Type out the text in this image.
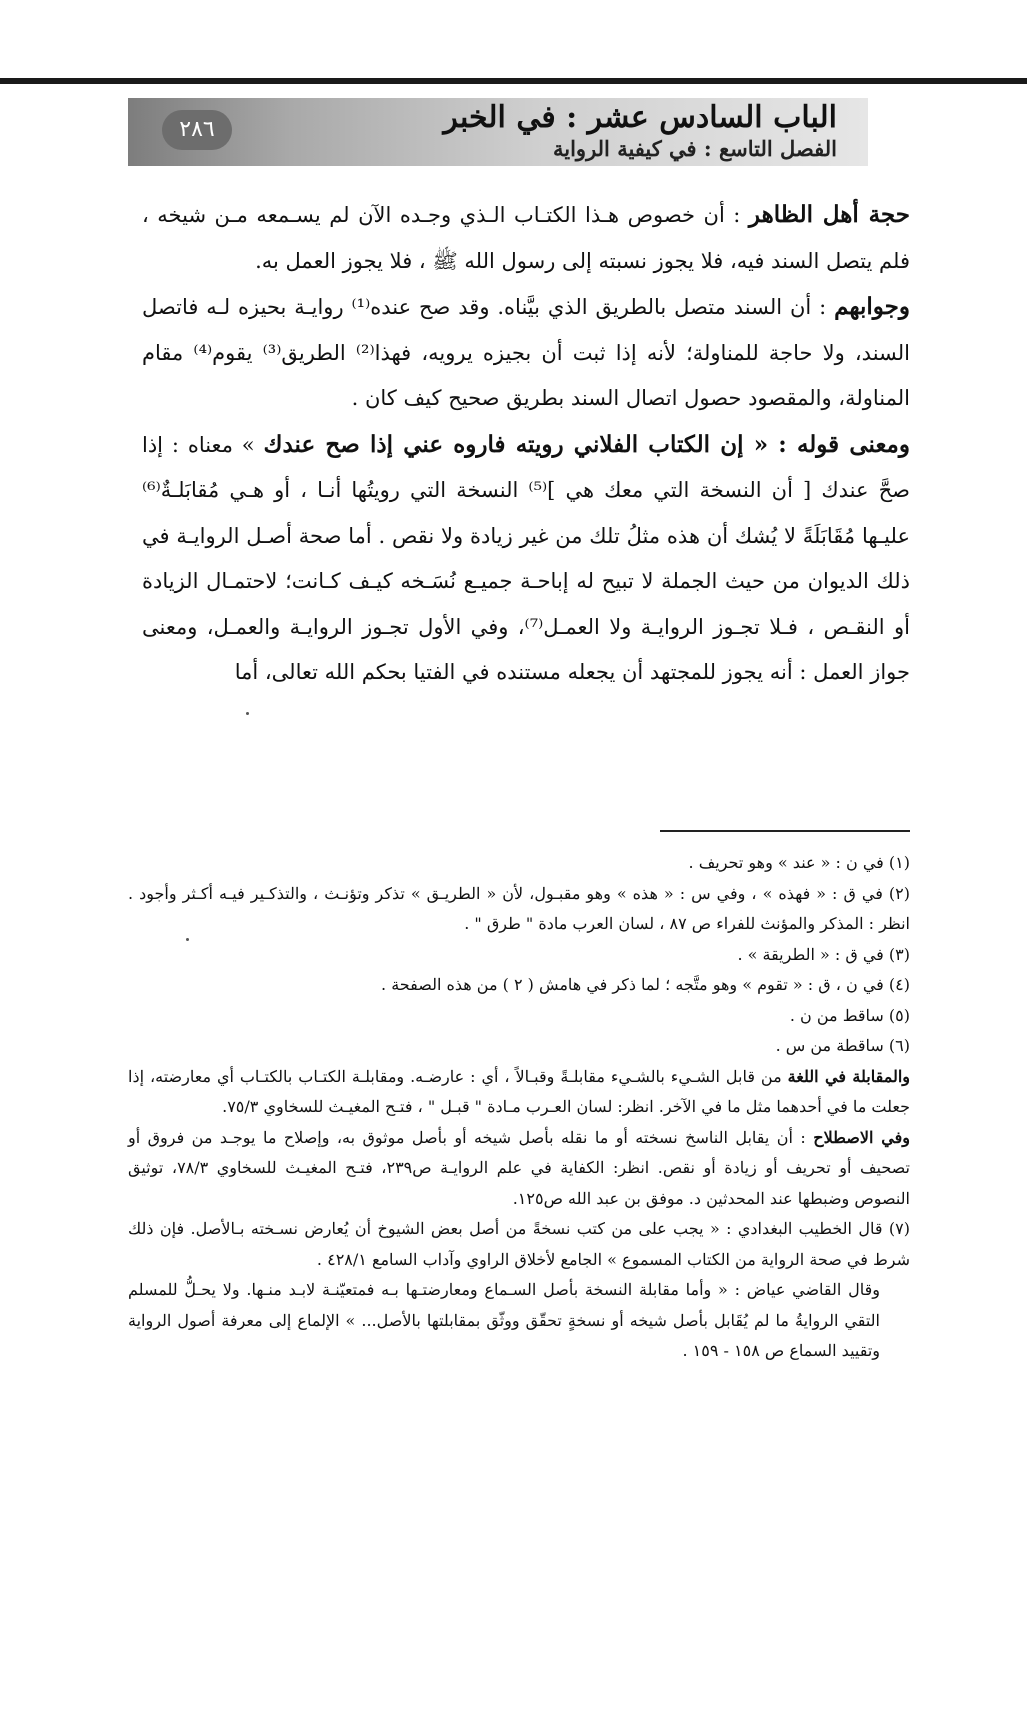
٢٨٦	الباب السادس عشر : في الخبر
الفصل التاسع : في كيفية الرواية

حجة أهل الظاهر : أن خصوص هـذا الكتـاب الـذي وجـده الآن لم يسـمعه مـن شيخه ، فلم يتصل السند فيه، فلا يجوز نسبته إلى رسول الله ﷺ ، فلا يجوز العمل به.

وجوابهم : أن السند متصل بالطريق الذي بيَّناه. وقد صح عنده⁽¹⁾ روايـة بحيزه لـه فاتصل السند، ولا حاجة للمناولة؛ لأنه إذا ثبت أن بجيزه يرويه، فهذا⁽²⁾ الطريق⁽³⁾ يقوم⁽⁴⁾ مقام المناولة، والمقصود حصول اتصال السند بطريق صحيح كيف كان .

ومعنى قوله : « إن الكتاب الفلاني رويته فاروه عني إذا صح عندك » معناه : إذا صحَّ عندك [ أن النسخة التي معك هي ]⁽⁵⁾ النسخة التي رويتُها أنـا ، أو هـي مُقابَلـةٌ⁽⁶⁾ عليـها مُقَابَلَةً لا يُشك أن هذه مثلُ تلك من غير زيادة ولا نقص . أما صحة أصـل الروايـة في ذلك الديوان من حيث الجملة لا تبيح له إباحـة جميـع نُسَـخه كيـف كـانت؛ لاحتمـال الزيادة أو النقـص ، فـلا تجـوز الروايـة ولا العمـل⁽⁷⁾، وفي الأول تجـوز الروايـة والعمـل، ومعنى جواز العمل : أنه يجوز للمجتهد أن يجعله مستنده في الفتيا بحكم الله تعالى، أما

(١) في ن : « عند » وهو تحريف .

(٢) في ق : « فهذه » ، وفي س : « هذه » وهو مقبـول، لأن « الطريـق » تذكر وتؤنـث ، والتذكـير فيـه أكـثر وأجود . انظر : المذكر والمؤنث للفراء ص ٨٧ ، لسان العرب مادة " طرق " .

(٣) في ق : « الطريقة » .

(٤) في ن ، ق : « تقوم » وهو متَّجه ؛ لما ذكر في هامش ( ٢ ) من هذه الصفحة .

(٥) ساقط من ن .

(٦) ساقطة من س .

والمقابلة في اللغة من قابل الشـيء بالشـيء مقابلـةً وقبـالاً ، أي : عارضـه. ومقابلـة الكتـاب بالكتـاب أي معارضته، إذا جعلت ما في أحدهما مثل ما في الآخر. انظر: لسان العـرب مـادة " قبـل " ، فتـح المغيـث للسخاوي ٧٥/٣.

وفي الاصطلاح : أن يقابل الناسخ نسخته أو ما نقله بأصل شيخه أو بأصل موثوق به، وإصلاح ما يوجـد من فروق أو تصحيف أو تحريف أو زيادة أو نقص. انظر: الكفاية في علم الروايـة ص٢٣٩، فتـح المغيـث للسخاوي ٧٨/٣، توثيق النصوص وضبطها عند المحدثين د. موفق بن عبد الله ص١٢٥.

(٧) قال الخطيب البغدادي : « يجب على من كتب نسخةً من أصل بعض الشيوخ أن يُعارض نسـخته بـالأصل. فإن ذلك شرط في صحة الرواية من الكتاب المسموع » الجامع لأخلاق الراوي وآداب السامع ٤٢٨/١ .

وقال القاضي عياض : « وأما مقابلة النسخة بأصل السـماع ومعارضتـها بـه فمتعيّنـة لابـد منـها. ولا يحـلُّ للمسلم التقي الروايةُ ما لم يُقَابل بأصل شيخه أو نسخةٍ تحقّق ووثّق بمقابلتها بالأصل... » الإلماع إلى معرفة أصول الرواية وتقييد السماع ص ١٥٨ - ١٥٩ .
